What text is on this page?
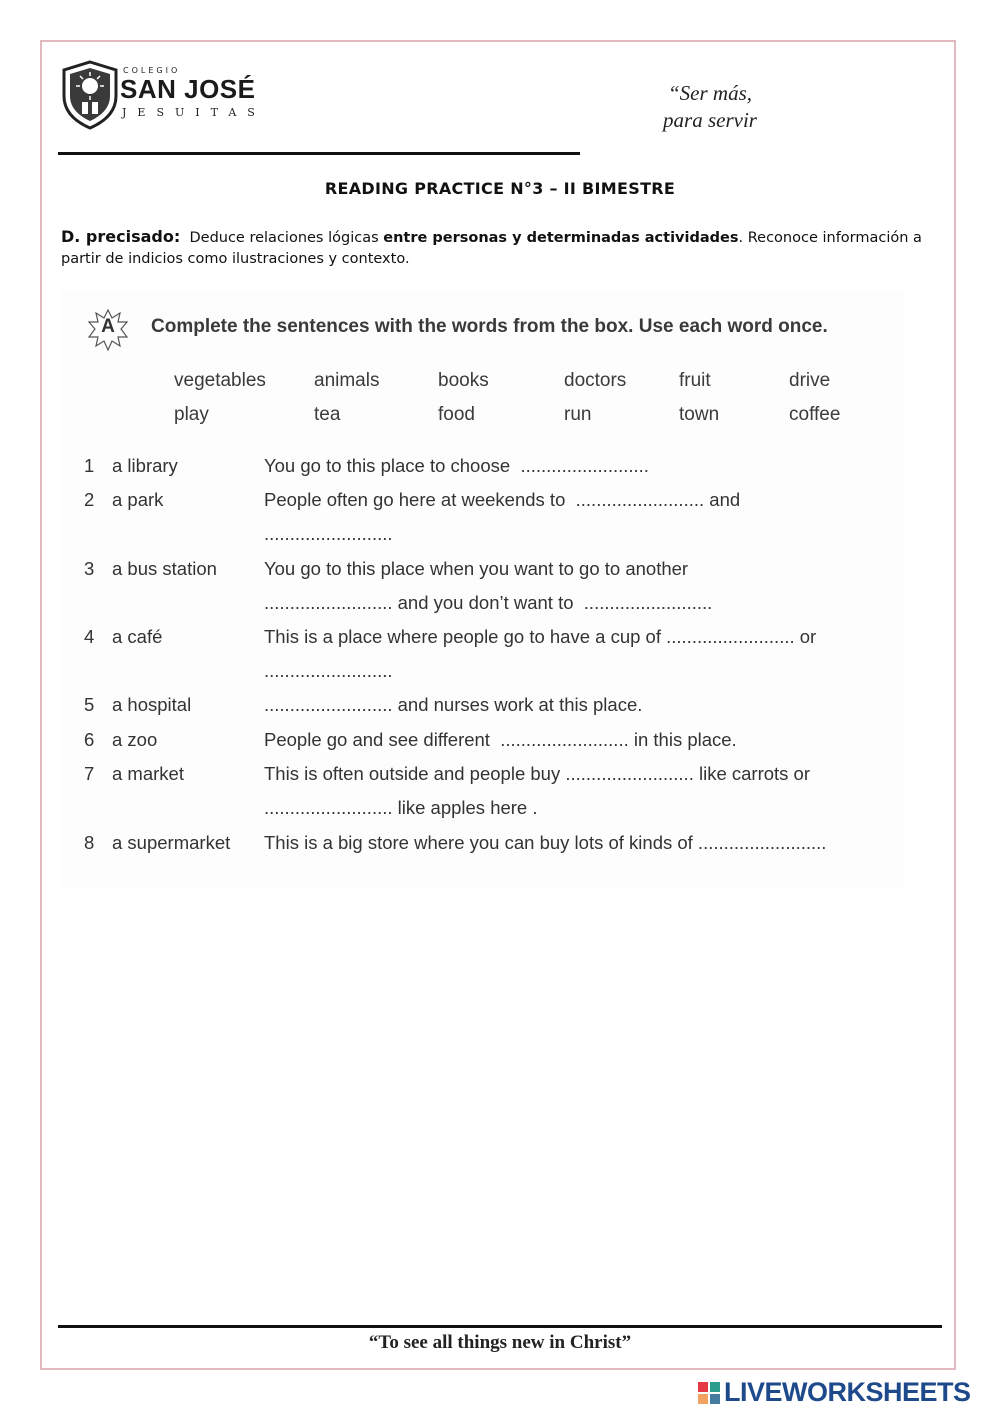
COLEGIO
SAN JOSÉ
JESUITAS
“Ser más,
para servir
READING PRACTICE N°3 – II BIMESTRE
D. precisado: Deduce relaciones lógicas entre personas y determinadas actividades. Reconoce información a partir de indicios como ilustraciones y contexto.
A	Complete the sentences with the words from the box. Use each word once.
vegetables	animals	books	doctors	fruit	drive
play	tea	food	run	town	coffee
1 a library	You go to this place to choose  .........................
2 a park	People often go here at weekends to  ......................... and
.........................
3 a bus station	You go to this place when you want to go to another
......................... and you don’t want to  .........................
4 a café	This is a place where people go to have a cup of ......................... or
.........................
5 a hospital	......................... and nurses work at this place.
6 a zoo	People go and see different  ......................... in this place.
7 a market	This is often outside and people buy ......................... like carrots or
......................... like apples here .
8 a supermarket This is a big store where you can buy lots of kinds of .........................
“To see all things new in Christ”
LIVEWORKSHEETS
